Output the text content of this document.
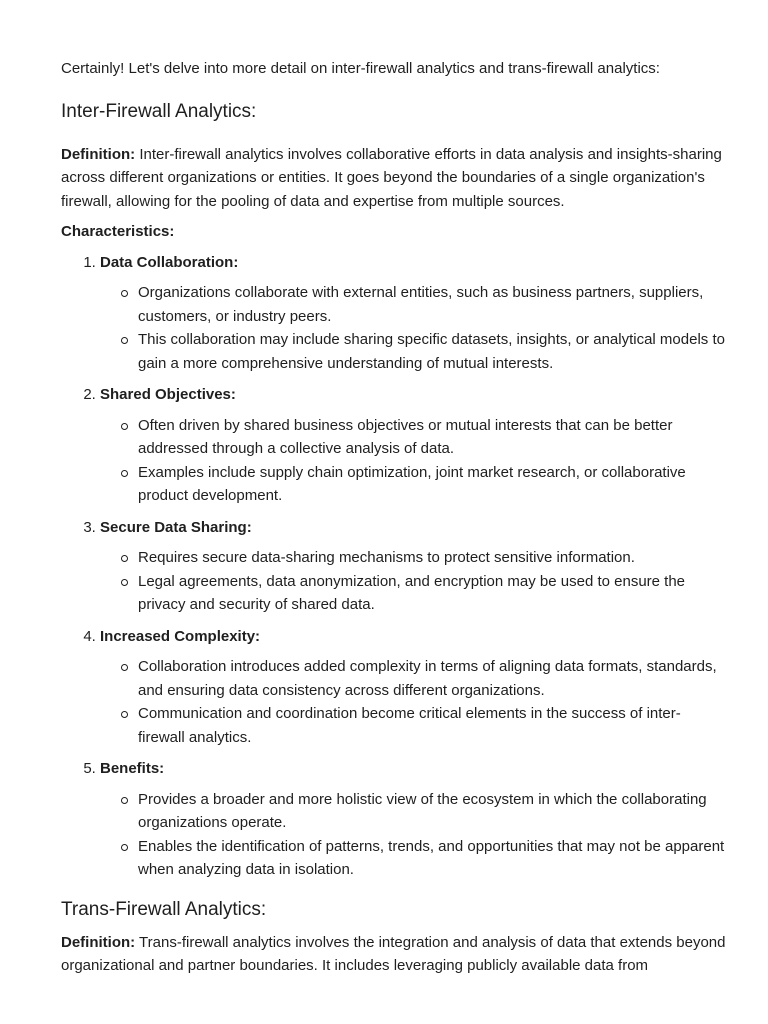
Certainly! Let's delve into more detail on inter-firewall analytics and trans-firewall analytics:

Inter-Firewall Analytics:

Definition: Inter-firewall analytics involves collaborative efforts in data analysis and insights-sharing across different organizations or entities. It goes beyond the boundaries of a single organization's firewall, allowing for the pooling of data and expertise from multiple sources.

Characteristics:

1. Data Collaboration:
Organizations collaborate with external entities, such as business partners, suppliers, customers, or industry peers.
This collaboration may include sharing specific datasets, insights, or analytical models to gain a more comprehensive understanding of mutual interests.
2. Shared Objectives:
Often driven by shared business objectives or mutual interests that can be better addressed through a collective analysis of data.
Examples include supply chain optimization, joint market research, or collaborative product development.
3. Secure Data Sharing:
Requires secure data-sharing mechanisms to protect sensitive information.
Legal agreements, data anonymization, and encryption may be used to ensure the privacy and security of shared data.
4. Increased Complexity:
Collaboration introduces added complexity in terms of aligning data formats, standards, and ensuring data consistency across different organizations.
Communication and coordination become critical elements in the success of inter-firewall analytics.
5. Benefits:
Provides a broader and more holistic view of the ecosystem in which the collaborating organizations operate.
Enables the identification of patterns, trends, and opportunities that may not be apparent when analyzing data in isolation.
Trans-Firewall Analytics:

Definition: Trans-firewall analytics involves the integration and analysis of data that extends beyond organizational and partner boundaries. It includes leveraging publicly available data from
